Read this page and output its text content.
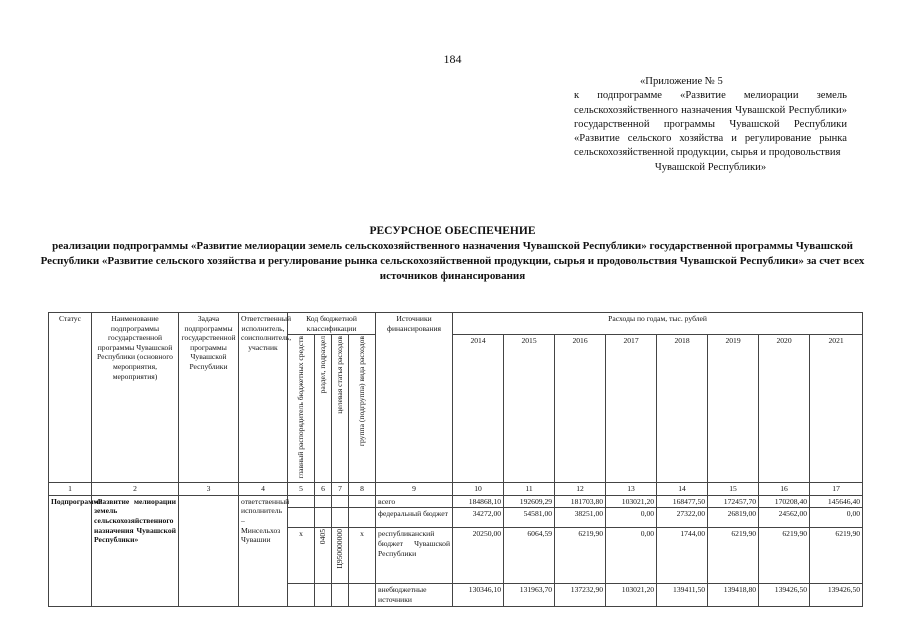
184
«Приложение № 5
к подпрограмме «Развитие мелиорации земель сельскохозяйственного назначения Чувашской Республики» государственной программы Чувашской Республики «Развитие сельского хозяйства и регулирование рынка сельскохозяйственной продукции, сырья и продовольствия
Чувашской Республики»
РЕСУРСНОЕ ОБЕСПЕЧЕНИЕ
реализации подпрограммы «Развитие мелиорации земель сельскохозяйственного назначения Чувашской Республики» государственной программы Чувашской Республики «Развитие сельского хозяйства и регулирование рынка сельскохозяйственной продукции, сырья и продовольствия Чувашской Республики» за счет всех источников финансирования
Статус	Наименование подпрограммы государственной программы Чувашской Республики (основного мероприятия, мероприятия)	Задача подпрограммы государственной программы Чувашской Республики	Ответственный исполнитель, соисполнитель, участник	Код бюджетной классификации				Источники финансирования	Расходы по годам, тыс. рублей							
				главный распорядитель бюджетных средств	раздел, подраздел	целевая статья расходов	группа (подгруппа) вида расходов		2014	2015	2016	2017	2018	2019	2020	2021
1	2	3	4	5	6	7	8	9	10	11	12	13	14	15	16	17
Подпрограмма	«Развитие мелиорации земель сельскохозяйственного назначения Чувашской Республики»		ответственный исполнитель – Минсельхоз Чувашии					всего	184868,10	192609,29	181703,80	103021,20	168477,50	172457,70	170208,40	145646,40
								федеральный бюджет	34272,00	54581,00	38251,00	0,00	27322,00	26819,00	24562,00	0,00
				x	0405	Ц950000000	x	республиканский бюджет Чувашской Республики	20250,00	6064,59	6219,90	0,00	1744,00	6219,90	6219,90	6219,90
								внебюджетные источники	130346,10	131963,70	137232,90	103021,20	139411,50	139418,80	139426,50	139426,50
